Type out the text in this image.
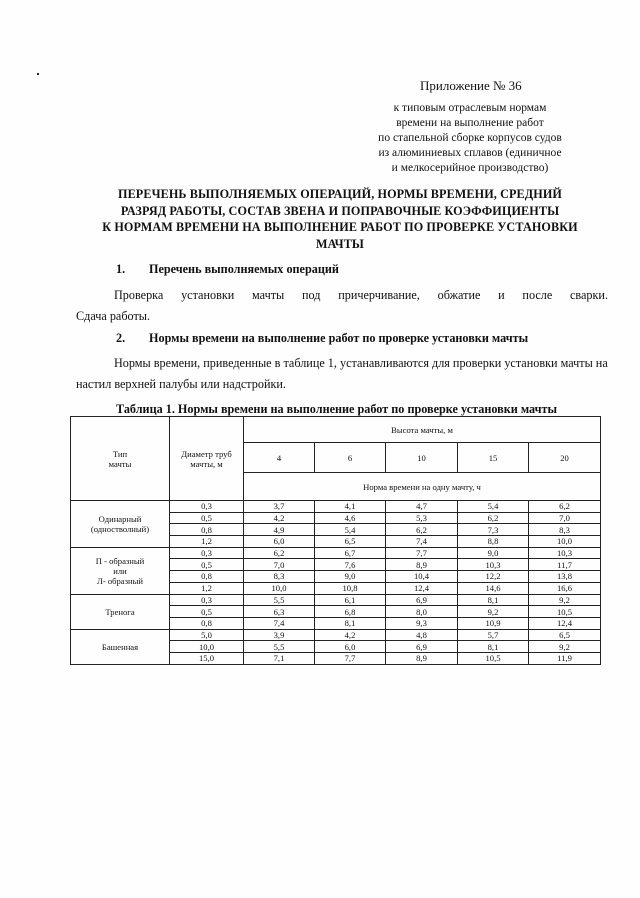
Приложение № 36
к типовым отраслевым нормам
времени на выполнение работ
по стапельной сборке корпусов судов
из алюминиевых сплавов (единичное
и мелкосерийное производство)
ПЕРЕЧЕНЬ ВЫПОЛНЯЕМЫХ ОПЕРАЦИЙ, НОРМЫ ВРЕМЕНИ, СРЕДНИЙ
РАЗРЯД РАБОТЫ, СОСТАВ ЗВЕНА И ПОПРАВОЧНЫЕ КОЭФФИЦИЕНТЫ
К НОРМАМ ВРЕМЕНИ НА ВЫПОЛНЕНИЕ РАБОТ ПО ПРОВЕРКЕ УСТАНОВКИ
МАЧТЫ
1. Перечень выполняемых операций
Проверка установки мачты под причерчивание, обжатие и после сварки.
Сдача работы.
2. Нормы времени на выполнение работ по проверке установки мачты
Нормы времени, приведенные в таблице 1, устанавливаются для проверки установки мачты на настил верхней палубы или надстройки.
Таблица 1. Нормы времени на выполнение работ по проверке установки мачты
Тип
мачты	Диаметр труб
мачты, м	Высота мачты, м				
		4	6	10	15	20
		Норма времени на одну мачту, ч				
Одинарный
(одностволный)	0,3	3,7	4,1	4,7	5,4	6,2
	0,5	4,2	4,6	5,3	6,2	7,0
	0,8	4,9	5,4	6,2	7,3	8,3
	1,2	6,0	6,5	7,4	8,8	10,0
П - образный
или
Л- образный	0,3	6,2	6,7	7,7	9,0	10,3
	0,5	7,0	7,6	8,9	10,3	11,7
	0,8	8,3	9,0	10,4	12,2	13,8
	1,2	10,0	10,8	12,4	14,6	16,6
Тренога	0,3	5,5	6,1	6,9	8,1	9,2
	0,5	6,3	6,8	8,0	9,2	10,5
	0,8	7,4	8,1	9,3	10,9	12,4
Башенная	5,0	3,9	4,2	4,8	5,7	6,5
	10,0	5,5	6,0	6,9	8,1	9,2
	15,0	7,1	7,7	8,9	10,5	11,9
